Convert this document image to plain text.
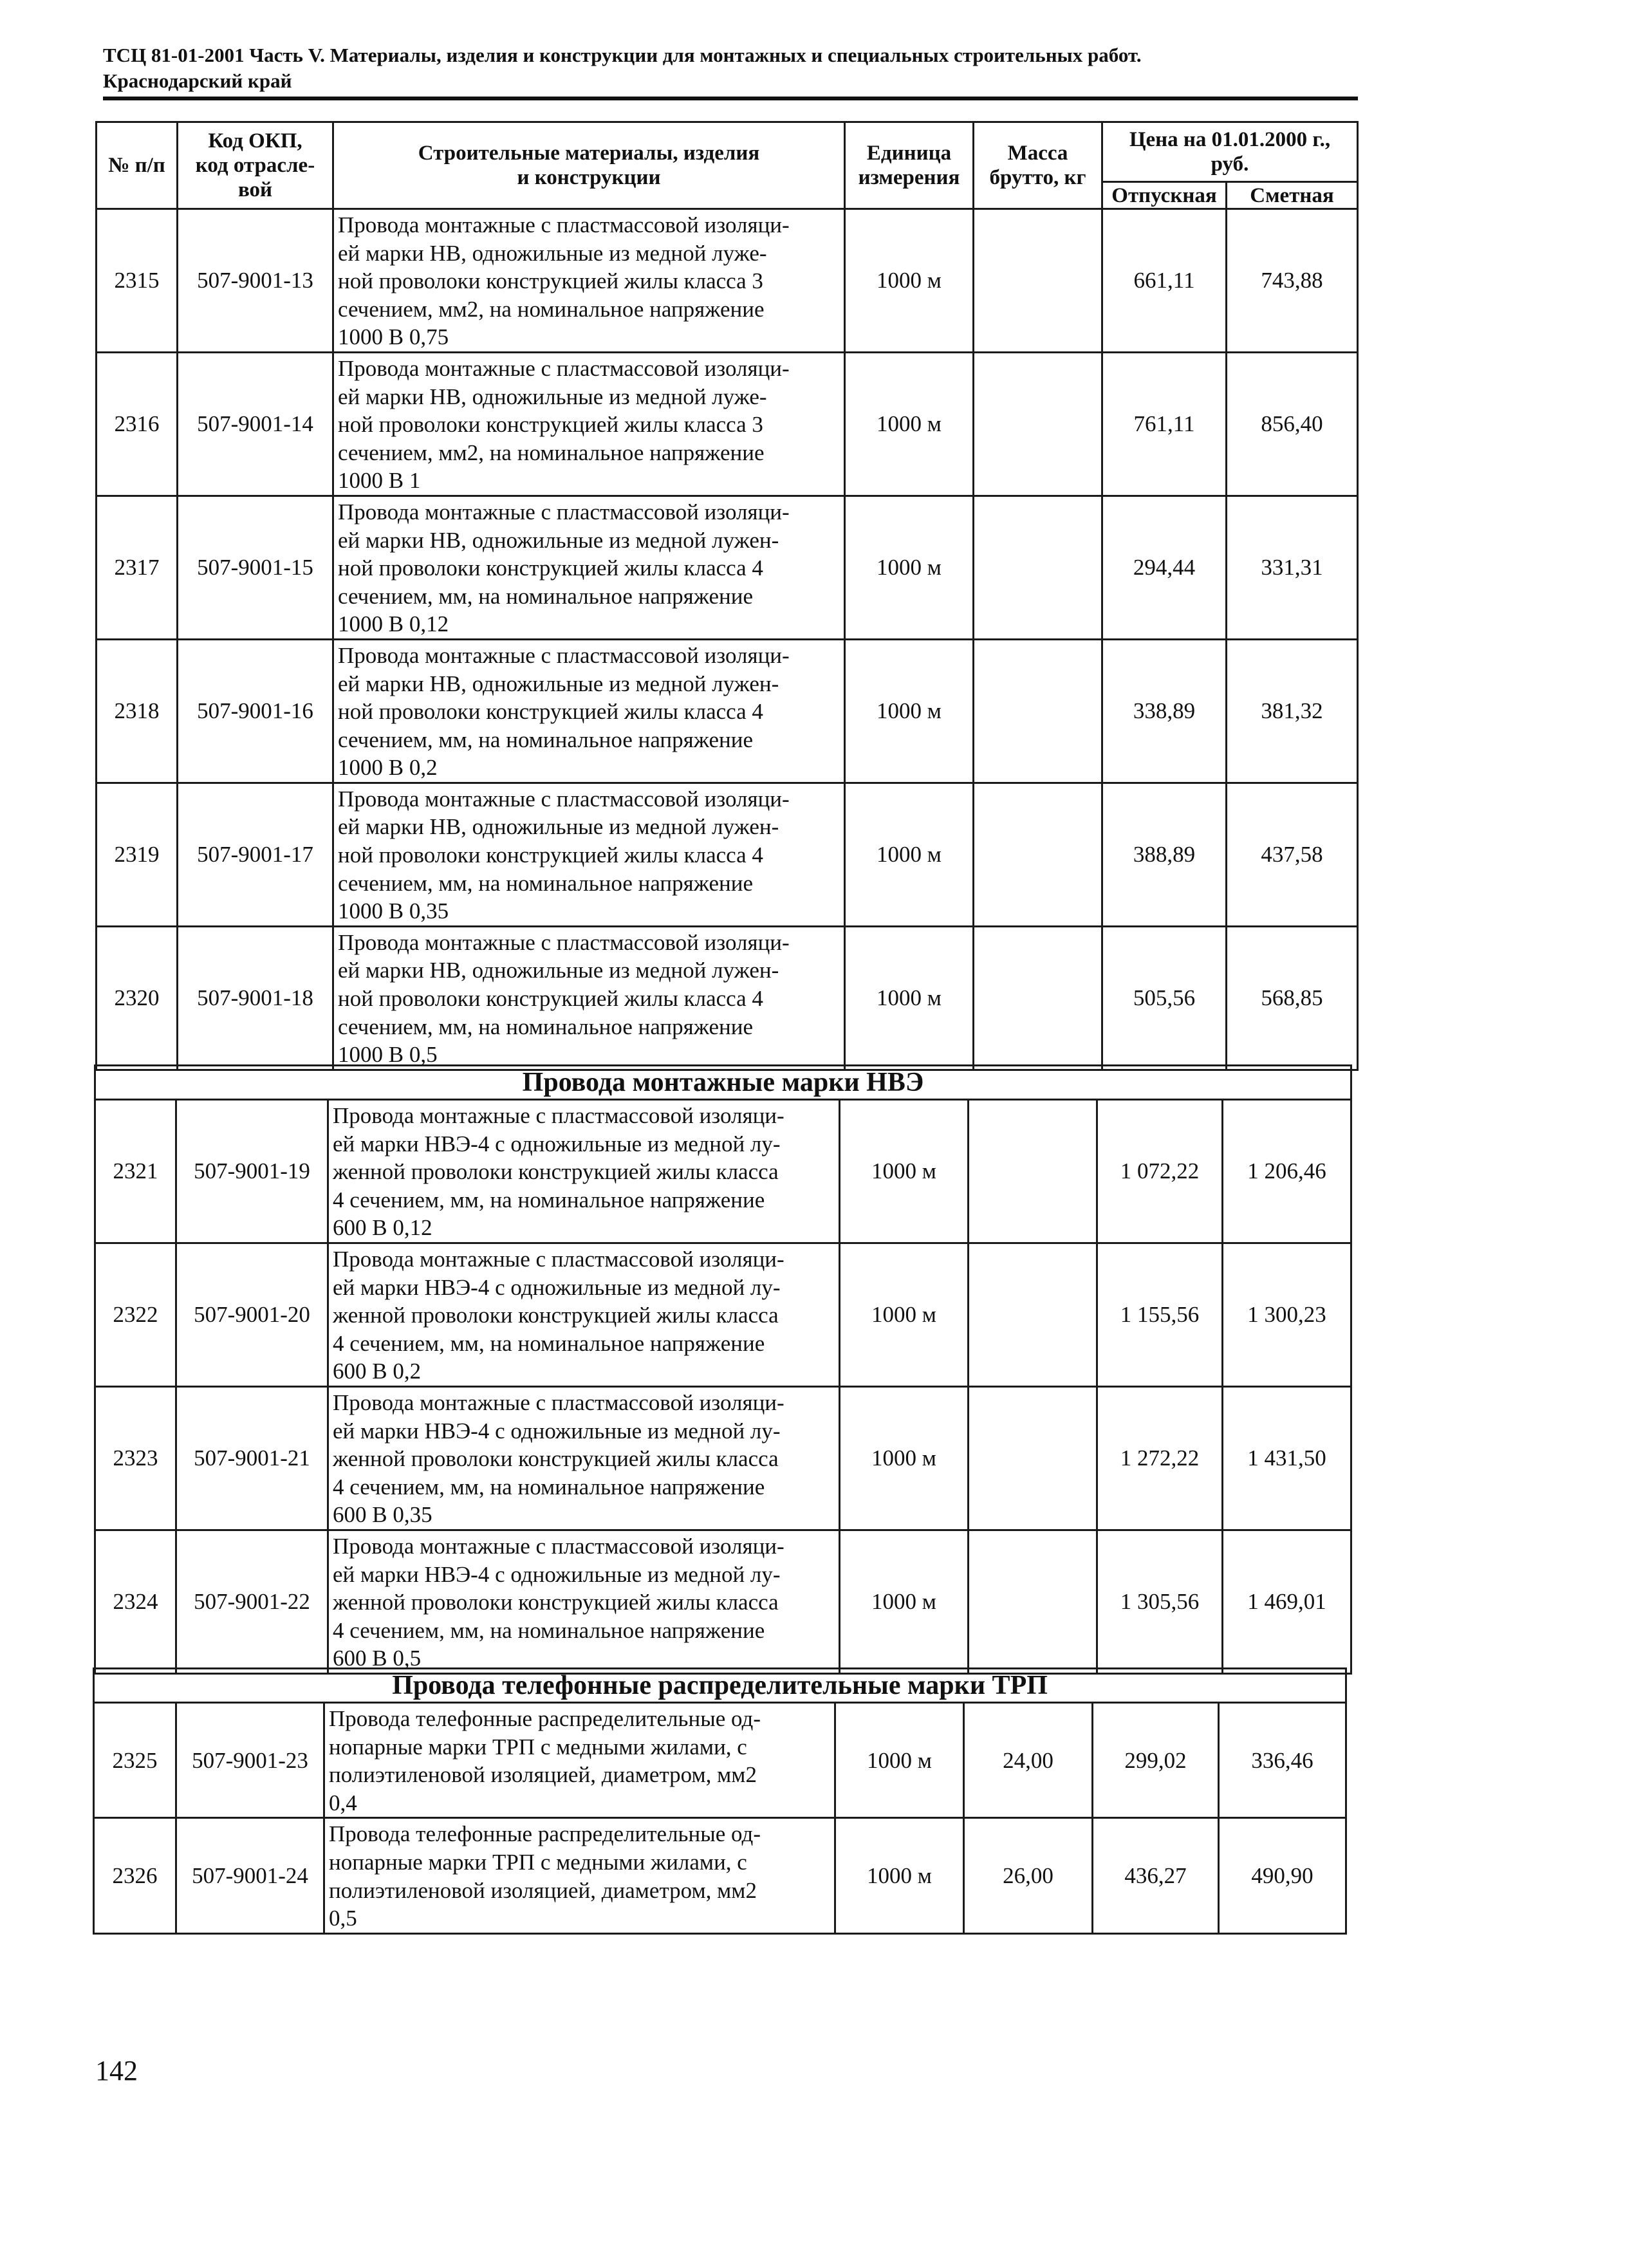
ТСЦ 81-01-2001 Часть V. Материалы, изделия и конструкции для монтажных и специальных строительных работ.
Краснодарский край
№ п/п	Код ОКП,
код отрасле-
вой	Строительные материалы, изделия
и конструкции	Единица
измерения	Масса
брутто, кг	Цена на 01.01.2000 г.,
руб.	
					Отпускная	Сметная
2315	507-9001-13	Провода монтажные с пластмассовой изоляци-
ей марки НВ, одножильные из медной луже-
ной проволоки конструкцией жилы класса 3
сечением, мм2, на номинальное напряжение
1000 В 0,75	1000 м		661,11	743,88
2316	507-9001-14	Провода монтажные с пластмассовой изоляци-
ей марки НВ, одножильные из медной луже-
ной проволоки конструкцией жилы класса 3
сечением, мм2, на номинальное напряжение
1000 В 1	1000 м		761,11	856,40
2317	507-9001-15	Провода монтажные с пластмассовой изоляци-
ей марки НВ, одножильные из медной лужен-
ной проволоки конструкцией жилы класса 4
сечением, мм, на номинальное напряжение
1000 В 0,12	1000 м		294,44	331,31
2318	507-9001-16	Провода монтажные с пластмассовой изоляци-
ей марки НВ, одножильные из медной лужен-
ной проволоки конструкцией жилы класса 4
сечением, мм, на номинальное напряжение
1000 В 0,2	1000 м		338,89	381,32
2319	507-9001-17	Провода монтажные с пластмассовой изоляци-
ей марки НВ, одножильные из медной лужен-
ной проволоки конструкцией жилы класса 4
сечением, мм, на номинальное напряжение
1000 В 0,35	1000 м		388,89	437,58
2320	507-9001-18	Провода монтажные с пластмассовой изоляци-
ей марки НВ, одножильные из медной лужен-
ной проволоки конструкцией жилы класса 4
сечением, мм, на номинальное напряжение
1000 В 0,5	1000 м		505,56	568,85
Провода монтажные марки НВЭ						
2321	507-9001-19	Провода монтажные с пластмассовой изоляци-
ей марки НВЭ-4 с одножильные из медной лу-
женной проволоки конструкцией жилы класса
4 сечением, мм, на номинальное напряжение
600 В 0,12	1000 м		1 072,22	1 206,46
2322	507-9001-20	Провода монтажные с пластмассовой изоляци-
ей марки НВЭ-4 с одножильные из медной лу-
женной проволоки конструкцией жилы класса
4 сечением, мм, на номинальное напряжение
600 В 0,2	1000 м		1 155,56	1 300,23
2323	507-9001-21	Провода монтажные с пластмассовой изоляци-
ей марки НВЭ-4 с одножильные из медной лу-
женной проволоки конструкцией жилы класса
4 сечением, мм, на номинальное напряжение
600 В 0,35	1000 м		1 272,22	1 431,50
2324	507-9001-22	Провода монтажные с пластмассовой изоляци-
ей марки НВЭ-4 с одножильные из медной лу-
женной проволоки конструкцией жилы класса
4 сечением, мм, на номинальное напряжение
600 В 0,5	1000 м		1 305,56	1 469,01
Провода телефонные распределительные марки ТРП						
2325	507-9001-23	Провода телефонные распределительные од-
нопарные марки ТРП с медными жилами, с
полиэтиленовой изоляцией, диаметром, мм2
0,4	1000 м	24,00	299,02	336,46
2326	507-9001-24	Провода телефонные распределительные од-
нопарные марки ТРП с медными жилами, с
полиэтиленовой изоляцией, диаметром, мм2
0,5	1000 м	26,00	436,27	490,90
142
